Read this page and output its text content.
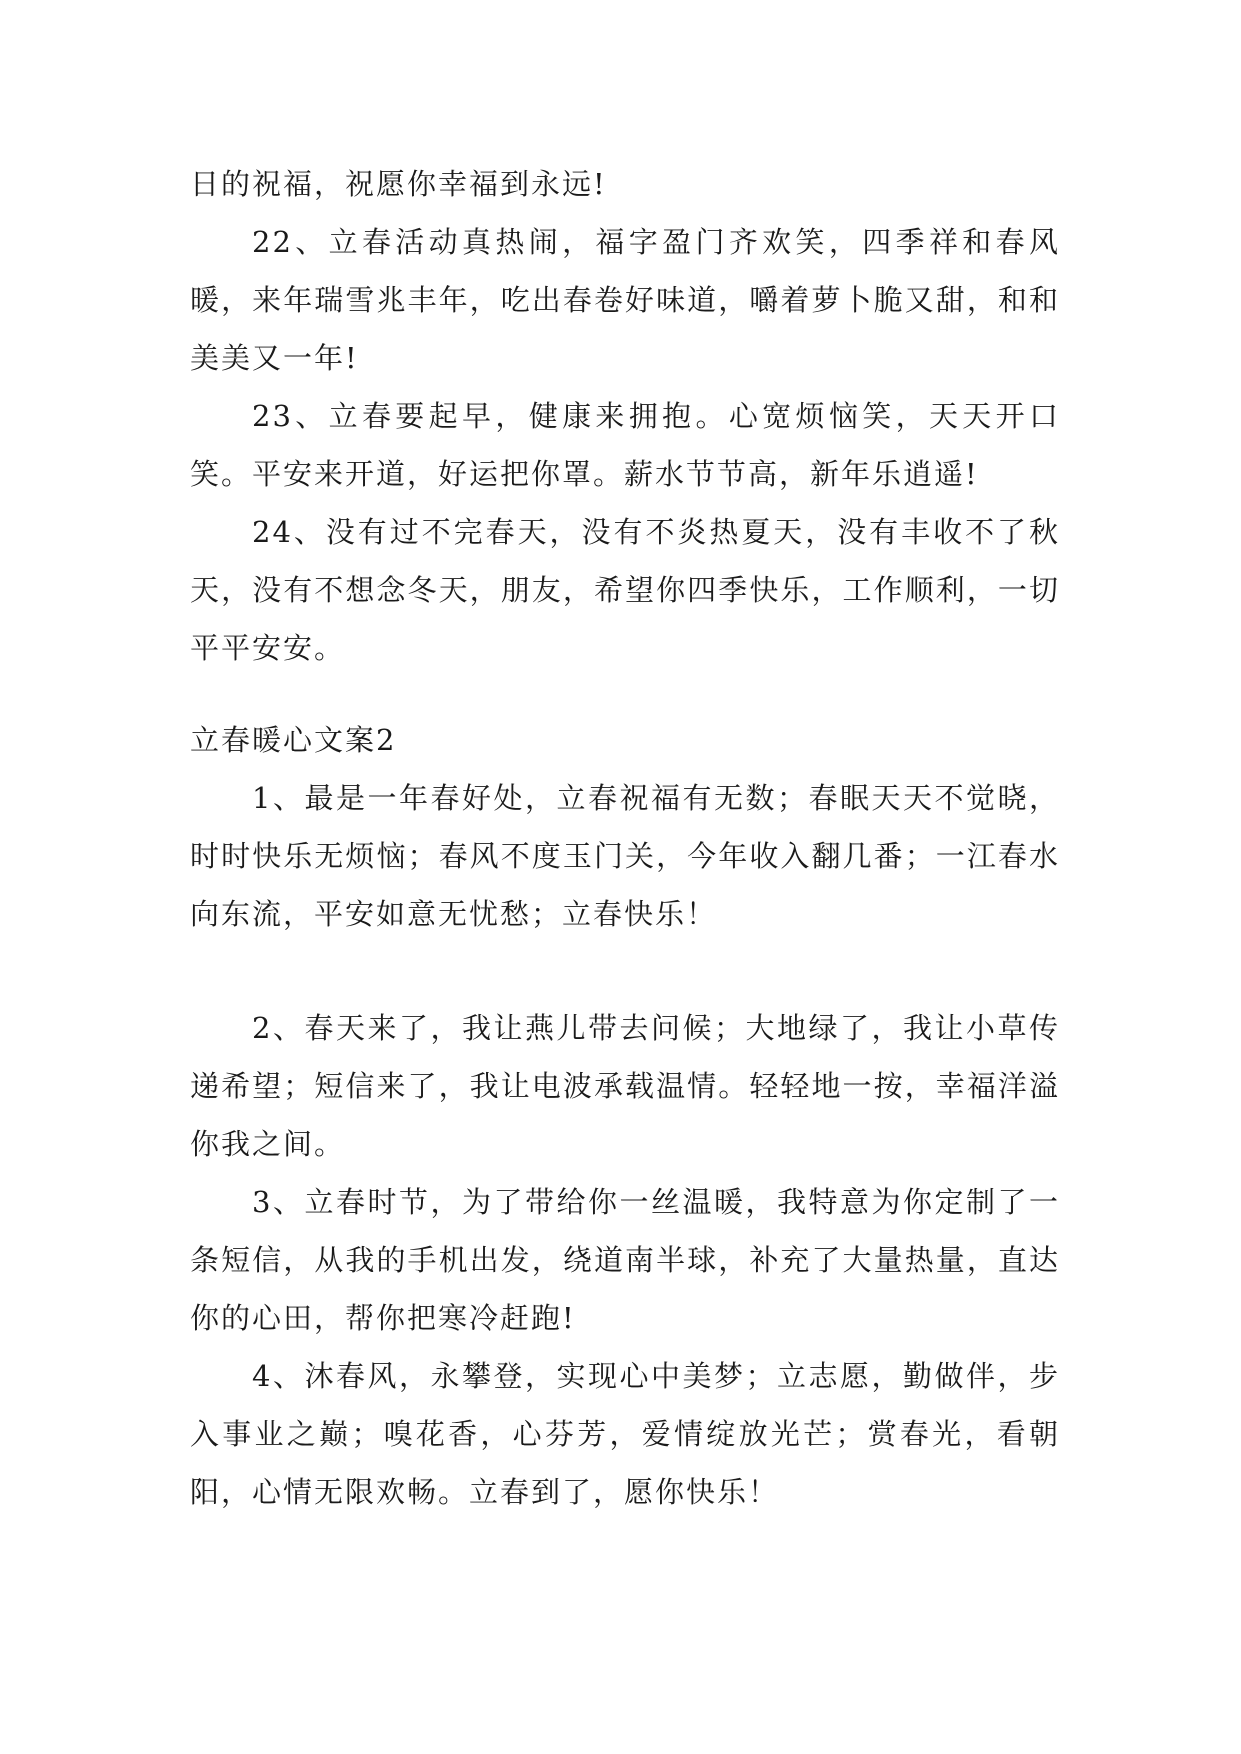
日的祝福，祝愿你幸福到永远!

22、立春活动真热闹，福字盈门齐欢笑，四季祥和春风暖，来年瑞雪兆丰年，吃出春卷好味道，嚼着萝卜脆又甜，和和美美又一年!

23、立春要起早，健康来拥抱。心宽烦恼笑，天天开口笑。平安来开道，好运把你罩。薪水节节高，新年乐逍遥!

24、没有过不完春天，没有不炎热夏天，没有丰收不了秋天，没有不想念冬天，朋友，希望你四季快乐，工作顺利，一切平平安安。

立春暖心文案2

1、最是一年春好处，立春祝福有无数；春眠天天不觉晓，时时快乐无烦恼；春风不度玉门关，今年收入翻几番；一江春水向东流，平安如意无忧愁；立春快乐！

2、春天来了，我让燕儿带去问候；大地绿了，我让小草传递希望；短信来了，我让电波承载温情。轻轻地一按，幸福洋溢你我之间。

3、立春时节，为了带给你一丝温暖，我特意为你定制了一条短信，从我的手机出发，绕道南半球，补充了大量热量，直达你的心田，帮你把寒冷赶跑!

4、沐春风，永攀登，实现心中美梦；立志愿，勤做伴，步入事业之巅；嗅花香，心芬芳，爱情绽放光芒；赏春光，看朝阳，心情无限欢畅。立春到了，愿你快乐！
